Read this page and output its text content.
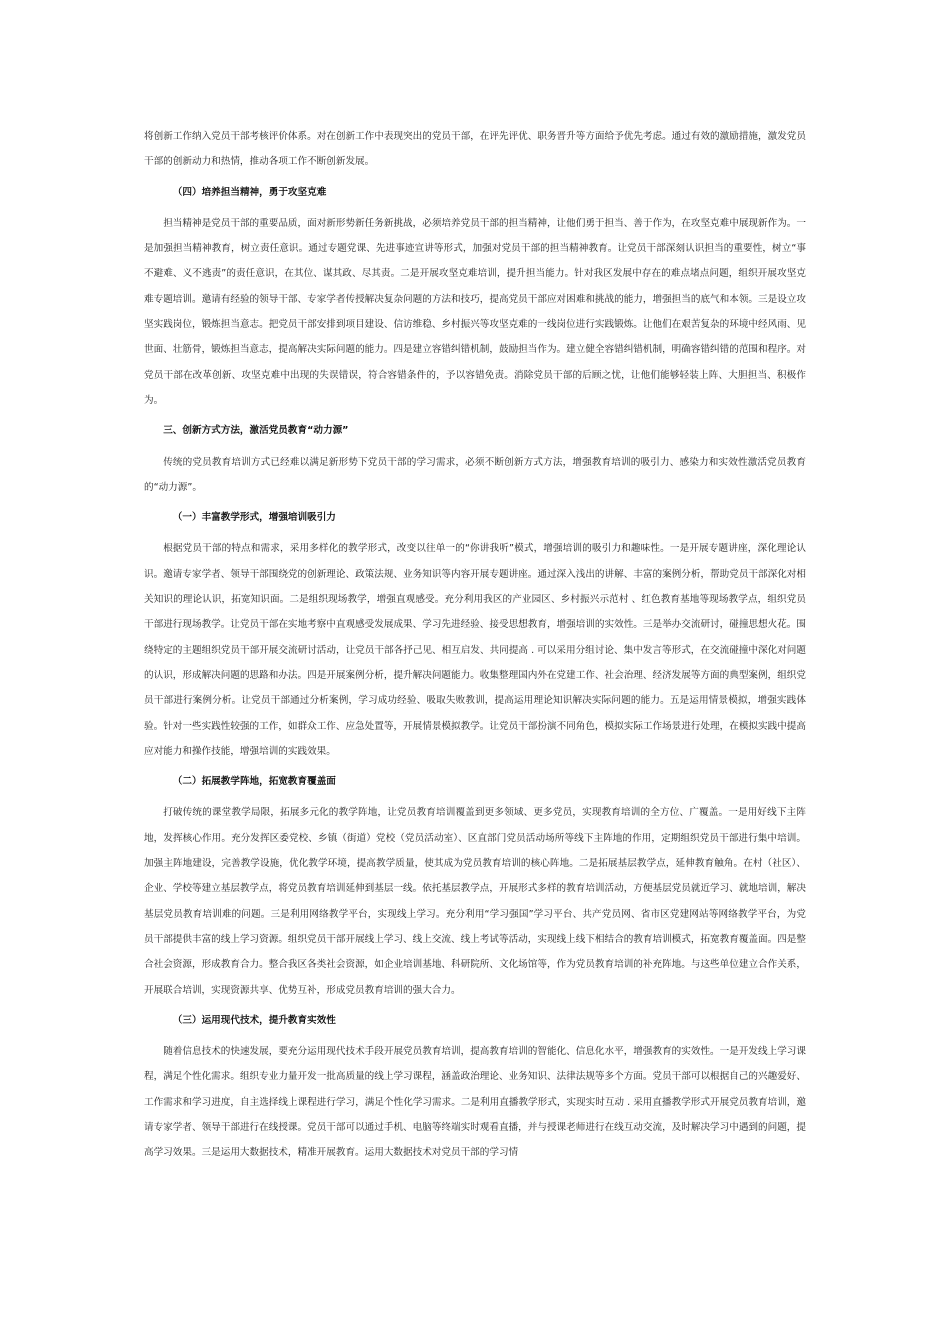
将创新工作纳入党员干部考核评价体系。对在创新工作中表现突出的党员干部，在评先评优、职务晋升等方面给予优先考虑。通过有效的激励措施，激发党员干部的创新动力和热情，推动各项工作不断创新发展。

（四）培养担当精神，勇于攻坚克难

担当精神是党员干部的重要品质，面对新形势新任务新挑战，必须培养党员干部的担当精神，让他们勇于担当、善于作为，在攻坚克难中展现新作为。一是加强担当精神教育，树立责任意识。通过专题党课、先进事迹宣讲等形式，加强对党员干部的担当精神教育。让党员干部深刻认识担当的重要性，树立“事不避难、义不逃责”的责任意识，在其位、谋其政、尽其责。二是开展攻坚克难培训，提升担当能力。针对我区发展中存在的难点堵点问题，组织开展攻坚克难专题培训。邀请有经验的领导干部、专家学者传授解决复杂问题的方法和技巧，提高党员干部应对困难和挑战的能力，增强担当的底气和本领。三是设立攻坚实践岗位，锻炼担当意志。把党员干部安排到项目建设、信访维稳、乡村振兴等攻坚克难的一线岗位进行实践锻炼。让他们在艰苦复杂的环境中经风雨、见世面、壮筋骨，锻炼担当意志，提高解决实际问题的能力。四是建立容错纠错机制，鼓励担当作为。建立健全容错纠错机制，明确容错纠错的范围和程序。对党员干部在改革创新、攻坚克难中出现的失误错误，符合容错条件的，予以容错免责。消除党员干部的后顾之忧，让他们能够轻装上阵、大胆担当、积极作为。

三、创新方式方法，激活党员教育“动力源”

传统的党员教育培训方式已经难以满足新形势下党员干部的学习需求，必须不断创新方式方法，增强教育培训的吸引力、感染力和实效性激活党员教育的“动力源”。

（一）丰富教学形式，增强培训吸引力

根据党员干部的特点和需求，采用多样化的教学形式，改变以往单一的“你讲我听”模式，增强培训的吸引力和趣味性。一是开展专题讲座，深化理论认识。邀请专家学者、领导干部围绕党的创新理论、政策法规、业务知识等内容开展专题讲座。通过深入浅出的讲解、丰富的案例分析，帮助党员干部深化对相关知识的理论认识，拓宽知识面。二是组织现场教学，增强直观感受。充分利用我区的产业园区、乡村振兴示范村 、红色教育基地等现场教学点，组织党员干部进行现场教学。让党员干部在实地考察中直观感受发展成果、学习先进经验、接受思想教育，增强培训的实效性。三是举办交流研讨，碰撞思想火花。围绕特定的主题组织党员干部开展交流研讨活动，让党员干部各抒己见、相互启发、共同提高 . 可以采用分组讨论、集中发言等形式，在交流碰撞中深化对问题的认识，形成解决问题的思路和办法。四是开展案例分析，提升解决问题能力。收集整理国内外在党建工作、社会治理、经济发展等方面的典型案例，组织党员干部进行案例分析。让党员干部通过分析案例，学习成功经验、吸取失败教训，提高运用理论知识解决实际问题的能力。五是运用情景模拟，增强实践体验。针对一些实践性较强的工作，如群众工作、应急处置等，开展情景模拟教学。让党员干部扮演不同角色，模拟实际工作场景进行处理，在模拟实践中提高应对能力和操作技能，增强培训的实践效果。

（二）拓展教学阵地，拓宽教育覆盖面

打破传统的课堂教学局限，拓展多元化的教学阵地，让党员教育培训覆盖到更多领域、更多党员，实现教育培训的全方位、广覆盖。一是用好线下主阵地，发挥核心作用。充分发挥区委党校、乡镇（街道）党校（党员活动室）、区直部门党员活动场所等线下主阵地的作用，定期组织党员干部进行集中培训。加强主阵地建设，完善教学设施，优化教学环境，提高教学质量，使其成为党员教育培训的核心阵地。二是拓展基层教学点，延伸教育触角。在村（社区）、企业、学校等建立基层教学点，将党员教育培训延伸到基层一线。依托基层教学点，开展形式多样的教育培训活动，方便基层党员就近学习、就地培训，解决基层党员教育培训难的问题。三是利用网络教学平台，实现线上学习。充分利用“学习强国”学习平台、共产党员网、省市区党建网站等网络教学平台，为党员干部提供丰富的线上学习资源。组织党员干部开展线上学习、线上交流、线上考试等活动，实现线上线下相结合的教育培训模式，拓宽教育覆盖面。四是整合社会资源，形成教育合力。整合我区各类社会资源，如企业培训基地、科研院所、文化场馆等，作为党员教育培训的补充阵地。与这些单位建立合作关系，开展联合培训，实现资源共享、优势互补，形成党员教育培训的强大合力。

（三）运用现代技术，提升教育实效性

随着信息技术的快速发展，要充分运用现代技术手段开展党员教育培训，提高教育培训的智能化、信息化水平，增强教育的实效性。一是开发线上学习课程，满足个性化需求。组织专业力量开发一批高质量的线上学习课程，涵盖政治理论、业务知识、法律法规等多个方面。党员干部可以根据自己的兴趣爱好、工作需求和学习进度，自主选择线上课程进行学习，满足个性化学习需求。二是利用直播教学形式，实现实时互动 . 采用直播教学形式开展党员教育培训，邀请专家学者、领导干部进行在线授课。党员干部可以通过手机、电脑等终端实时观看直播，并与授课老师进行在线互动交流，及时解决学习中遇到的问题，提高学习效果。三是运用大数据技术，精准开展教育。运用大数据技术对党员干部的学习情
